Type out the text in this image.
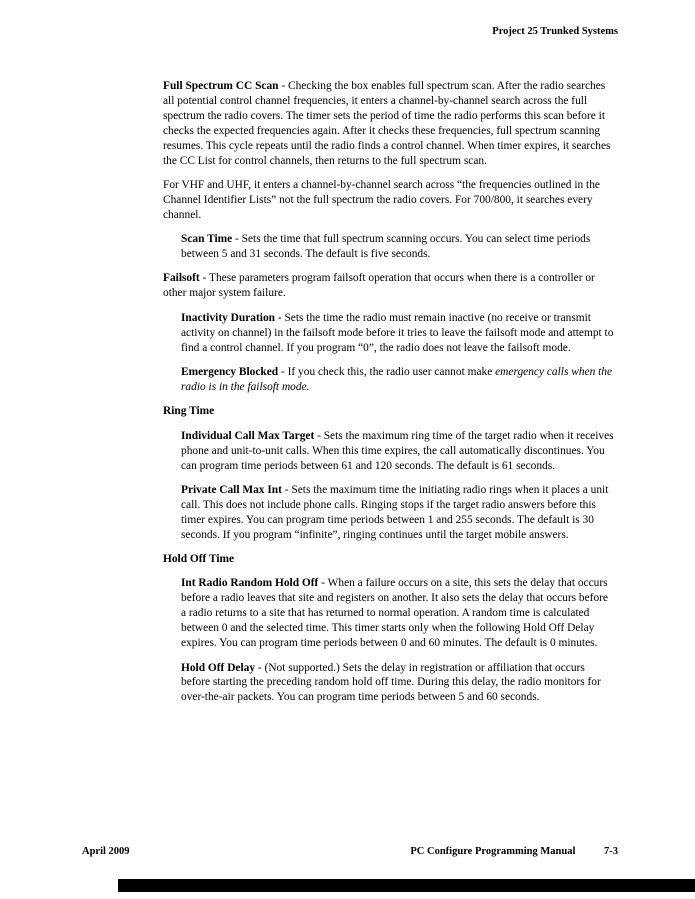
Project 25 Trunked Systems

Full Spectrum CC Scan - Checking the box enables full spectrum scan. After the radio searches all potential control channel frequencies, it enters a channel-by-channel search across the full spectrum the radio covers. The timer sets the period of time the radio performs this scan before it checks the expected frequencies again. After it checks these frequencies, full spectrum scanning resumes. This cycle repeats until the radio finds a control channel. When timer expires, it searches the CC List for control channels, then returns to the full spectrum scan.

For VHF and UHF, it enters a channel-by-channel search across “the frequencies outlined in the Channel Identifier Lists” not the full spectrum the radio covers. For 700/800, it searches every channel.

Scan Time - Sets the time that full spectrum scanning occurs. You can select time periods between 5 and 31 seconds. The default is five seconds.

Failsoft - These parameters program failsoft operation that occurs when there is a controller or other major system failure.

Inactivity Duration - Sets the time the radio must remain inactive (no receive or transmit activity on channel) in the failsoft mode before it tries to leave the failsoft mode and attempt to find a control channel. If you program “0”, the radio does not leave the failsoft mode.

Emergency Blocked - If you check this, the radio user cannot make emergency calls when the radio is in the failsoft mode.

Ring Time

Individual Call Max Target - Sets the maximum ring time of the target radio when it receives phone and unit-to-unit calls. When this time expires, the call automatically discontinues. You can program time periods between 61 and 120 seconds. The default is 61 seconds.

Private Call Max Int - Sets the maximum time the initiating radio rings when it places a unit call. This does not include phone calls. Ringing stops if the target radio answers before this timer expires. You can program time periods between 1 and 255 seconds. The default is 30 seconds. If you program “infinite”, ringing continues until the target mobile answers.

Hold Off Time

Int Radio Random Hold Off - When a failure occurs on a site, this sets the delay that occurs before a radio leaves that site and registers on another. It also sets the delay that occurs before a radio returns to a site that has returned to normal operation. A random time is calculated between 0 and the selected time. This timer starts only when the following Hold Off Delay expires. You can program time periods between 0 and 60 minutes. The default is 0 minutes.

Hold Off Delay - (Not supported.) Sets the delay in registration or affiliation that occurs before starting the preceding random hold off time. During this delay, the radio monitors for over-the-air packets. You can program time periods between 5 and 60 seconds.

April 2009	PC Configure Programming Manual	7-3
